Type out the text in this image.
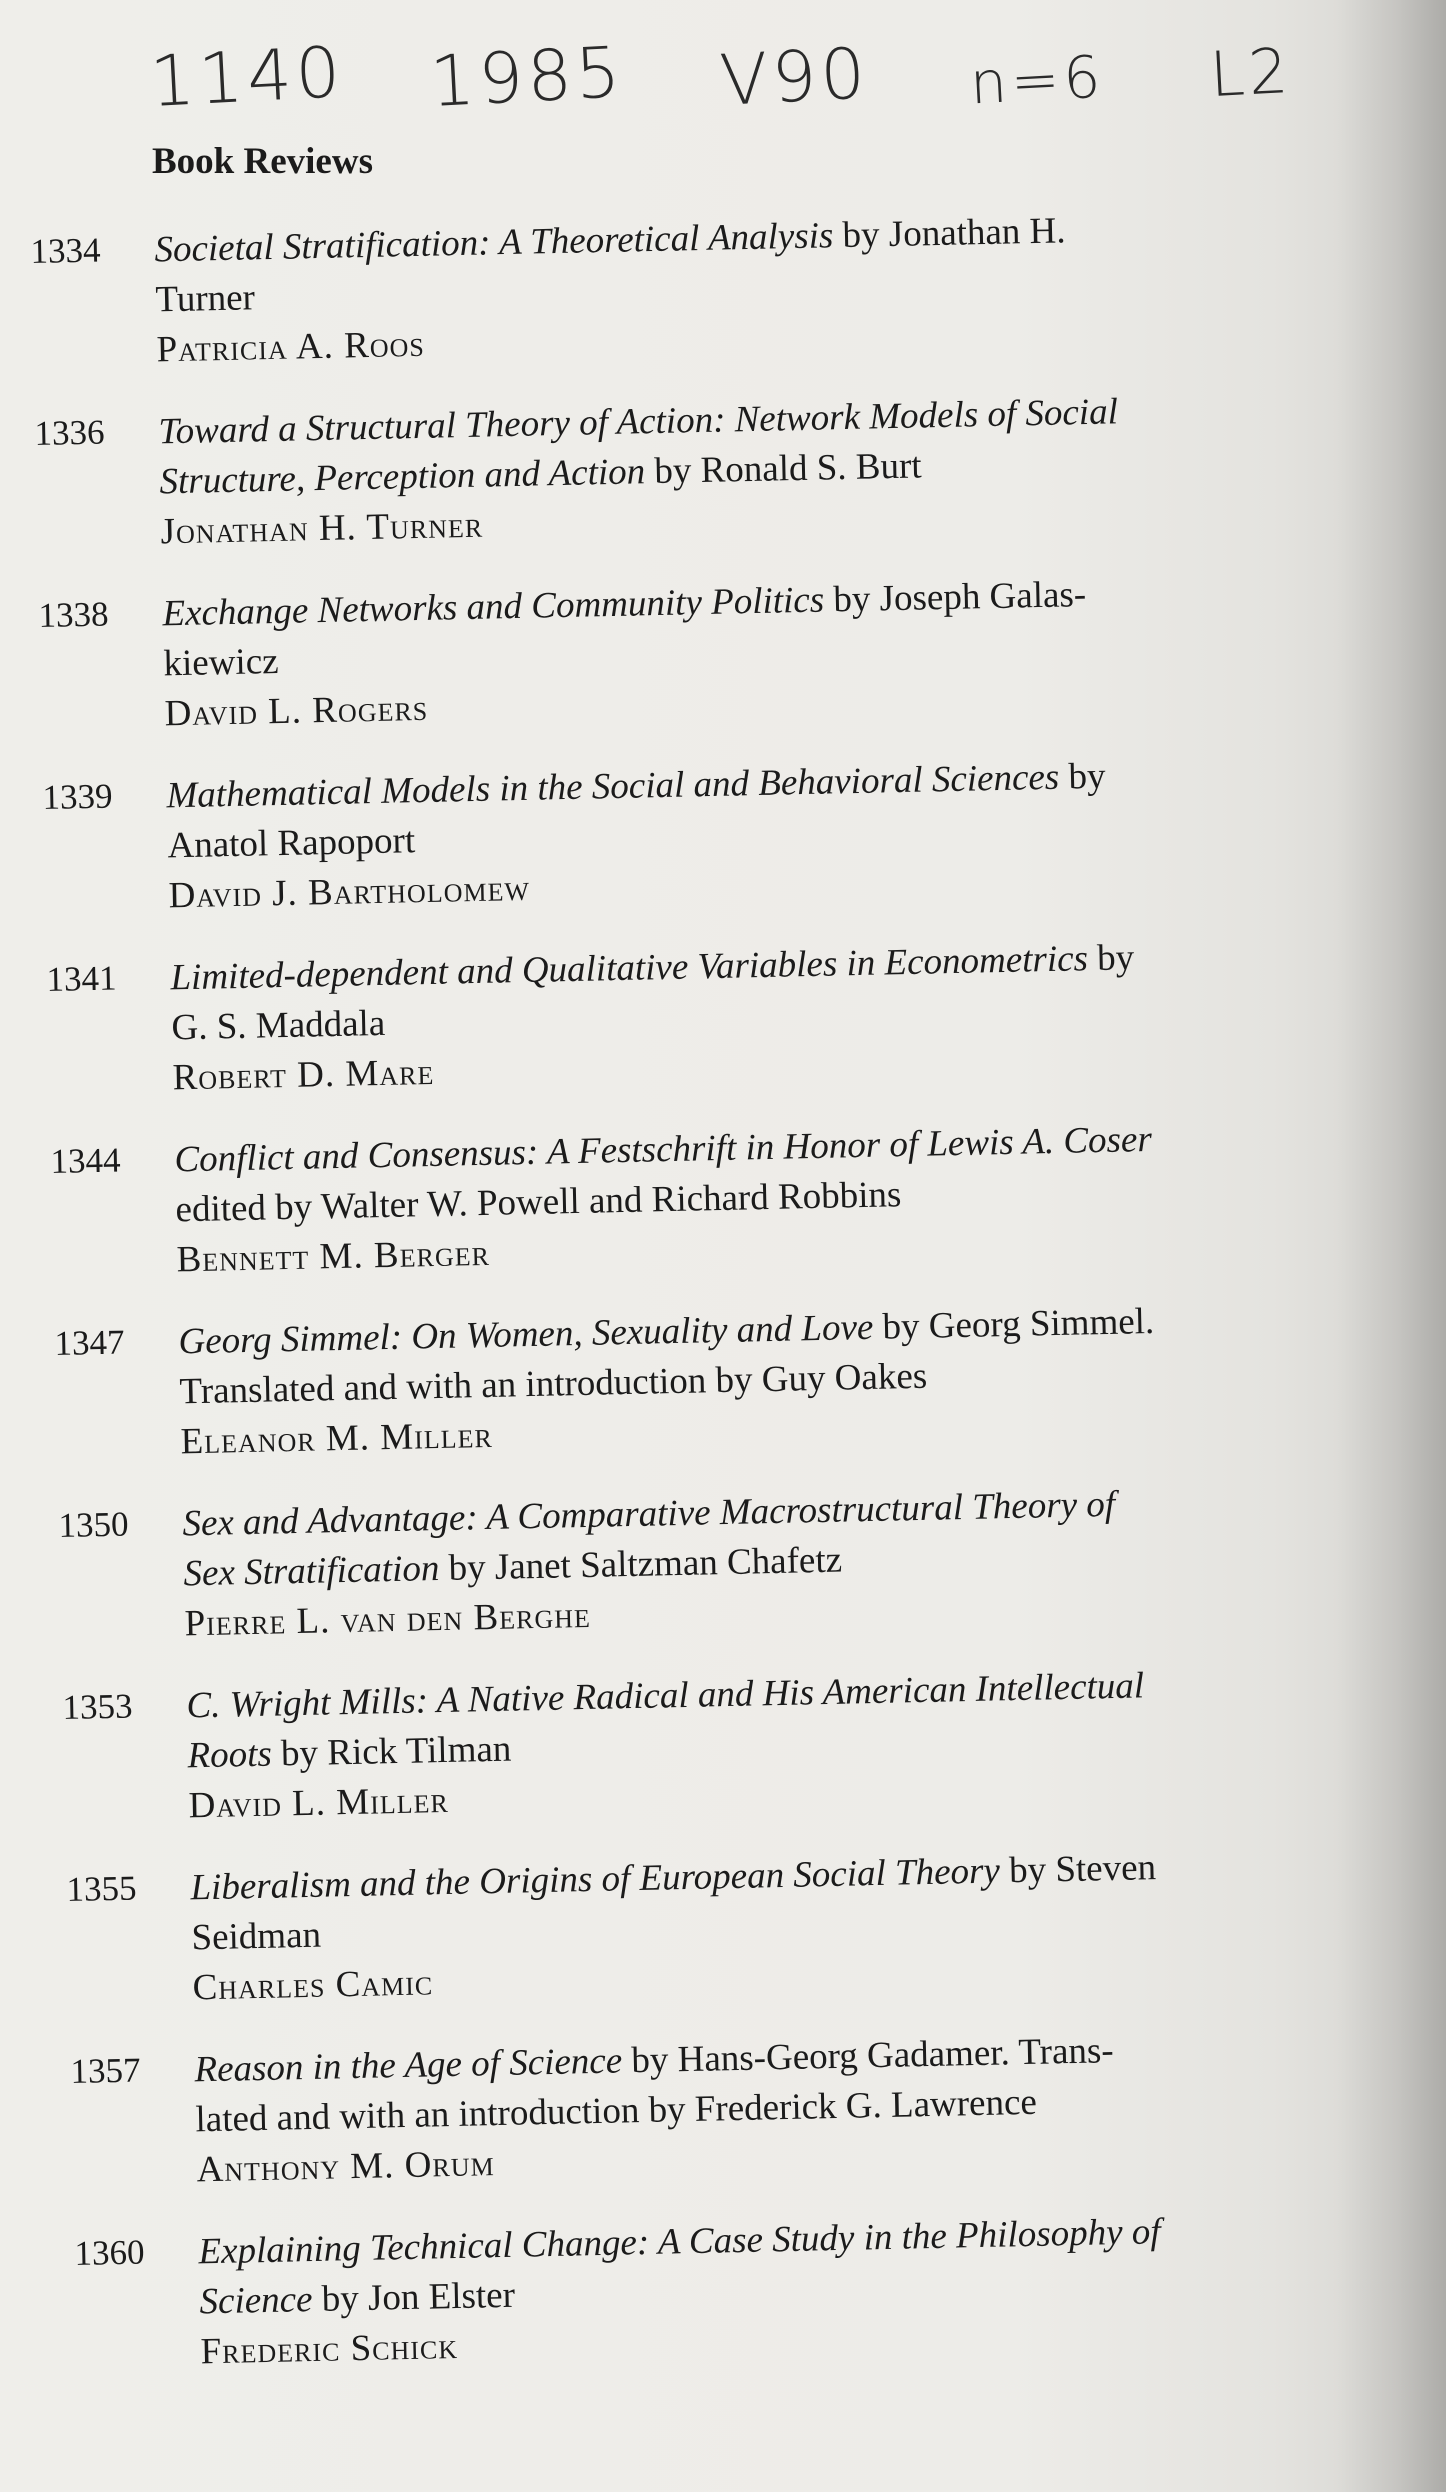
1140 1985 V90 n=6 L2
Book Reviews
1334 Societal Stratification: A Theoretical Analysis by Jonathan H.
Turner
Patricia A. Roos
1336 Toward a Structural Theory of Action: Network Models of Social
Structure, Perception and Action by Ronald S. Burt
Jonathan H. Turner
1338 Exchange Networks and Community Politics by Joseph Galas-
kiewicz
David L. Rogers
1339 Mathematical Models in the Social and Behavioral Sciences by
Anatol Rapoport
David J. Bartholomew
1341 Limited-dependent and Qualitative Variables in Econometrics by
G. S. Maddala
Robert D. Mare
1344 Conflict and Consensus: A Festschrift in Honor of Lewis A. Coser
edited by Walter W. Powell and Richard Robbins
Bennett M. Berger
1347 Georg Simmel: On Women, Sexuality and Love by Georg Simmel.
Translated and with an introduction by Guy Oakes
Eleanor M. Miller
1350 Sex and Advantage: A Comparative Macrostructural Theory of
Sex Stratification by Janet Saltzman Chafetz
Pierre L. van den Berghe
1353 C. Wright Mills: A Native Radical and His American Intellectual
Roots by Rick Tilman
David L. Miller
1355 Liberalism and the Origins of European Social Theory by Steven
Seidman
Charles Camic
1357 Reason in the Age of Science by Hans-Georg Gadamer. Trans-
lated and with an introduction by Frederick G. Lawrence
Anthony M. Orum
1360 Explaining Technical Change: A Case Study in the Philosophy of
Science by Jon Elster
Frederic Schick
